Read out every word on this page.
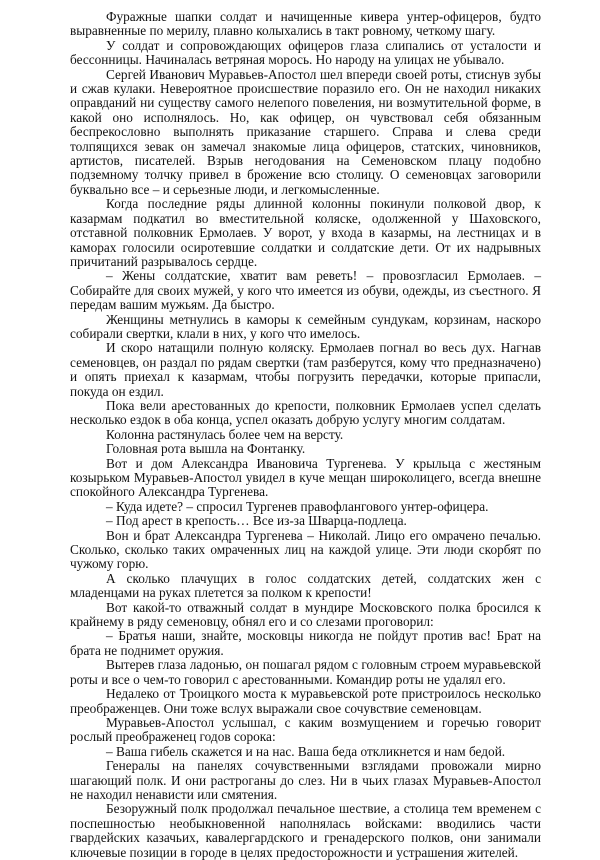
Фуражные шапки солдат и начищенные кивера унтер-офицеров, будто выравненные по мерилу, плавно колыхались в такт ровному, четкому шагу.

У солдат и сопровождающих офицеров глаза слипались от усталости и бессонницы. Начиналась ветряная морось. Но народу на улицах не убывало.

Сергей Иванович Муравьев-Апостол шел впереди своей роты, стиснув зубы и сжав кулаки. Невероятное происшествие поразило его. Он не находил никаких оправданий ни существу самого нелепого повеления, ни возмутительной форме, в какой оно исполнялось. Но, как офицер, он чувствовал себя обязанным беспрекословно выполнять приказание старшего. Справа и слева среди толпящихся зевак он замечал знакомые лица офицеров, статских, чиновников, артистов, писателей. Взрыв негодования на Семеновском плацу подобно подземному толчку привел в брожение всю столицу. О семеновцах заговорили буквально все – и серьезные люди, и легкомысленные.

Когда последние ряды длинной колонны покинули полковой двор, к казармам подкатил во вместительной коляске, одолженной у Шаховского, отставной полковник Ермолаев. У ворот, у входа в казармы, на лестницах и в каморах голосили осиротевшие солдатки и солдатские дети. От их надрывных причитаний разрывалось сердце.

– Жены солдатские, хватит вам реветь! – провозгласил Ермолаев. – Собирайте для своих мужей, у кого что имеется из обуви, одежды, из съестного. Я передам вашим мужьям. Да быстро.

Женщины метнулись в каморы к семейным сундукам, корзинам, наскоро собирали свертки, клали в них, у кого что имелось.

И скоро натащили полную коляску. Ермолаев погнал во весь дух. Нагнав семеновцев, он раздал по рядам свертки (там разберутся, кому что предназначено) и опять приехал к казармам, чтобы погрузить передачки, которые припасли, покуда он ездил.

Пока вели арестованных до крепости, полковник Ермолаев успел сделать несколько ездок в оба конца, успел оказать добрую услугу многим солдатам.

Колонна растянулась более чем на версту.

Головная рота вышла на Фонтанку.

Вот и дом Александра Ивановича Тургенева. У крыльца с жестяным козырьком Муравьев-Апостол увидел в куче мещан широколицего, всегда внешне спокойного Александра Тургенева.

– Куда идете? – спросил Тургенев правофлангового унтер-офицера.

– Под арест в крепость… Все из-за Шварца-подлеца.

Вон и брат Александра Тургенева – Николай. Лицо его омрачено печалью. Сколько, сколько таких омраченных лиц на каждой улице. Эти люди скорбят по чужому горю.

А сколько плачущих в голос солдатских детей, солдатских жен с младенцами на руках плетется за полком к крепости!

Вот какой-то отважный солдат в мундире Московского полка бросился к крайнему в ряду семеновцу, обнял его и со слезами проговорил:

– Братья наши, знайте, московцы никогда не пойдут против вас! Брат на брата не поднимет оружия.

Вытерев глаза ладонью, он пошагал рядом с головным строем муравьевской роты и все о чем-то говорил с арестованными. Командир роты не удалял его.

Недалеко от Троицкого моста к муравьевской роте пристроилось несколько преображенцев. Они тоже вслух выражали свое сочувствие семеновцам.

Муравьев-Апостол услышал, с каким возмущением и горечью говорит рослый преображенец годов сорока:

– Ваша гибель скажется и на нас. Ваша беда откликнется и нам бедой.

Генералы на панелях сочувственными взглядами провожали мирно шагающий полк. И они растроганы до слез. Ни в чьих глазах Муравьев-Апостол не находил ненависти или смятения.

Безоружный полк продолжал печальное шествие, а столица тем временем с поспешностью необыкновенной наполнялась войсками: вводились части гвардейских казачьих, кавалергардского и гренадерского полков, они занимали ключевые позиции в городе в целях предосторожности и устрашения жителей.
